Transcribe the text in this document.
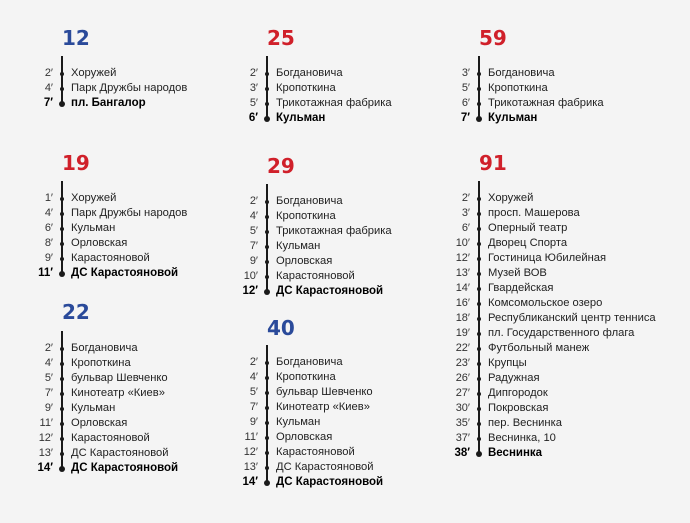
12
2′ Хоружей
4′ Парк Дружбы народов
7′ пл. Бангалор
25
2′ Богдановича
3′ Кропоткина
5′ Трикотажная фабрика
6′ Кульман
59
3′ Богдановича
5′ Кропоткина
6′ Трикотажная фабрика
7′ Кульман
19
1′ Хоружей
4′ Парк Дружбы народов
6′ Кульман
8′ Орловская
9′ Карастояновой
11′ ДС Карастояновой
29
2′ Богдановича
4′ Кропоткина
5′ Трикотажная фабрика
7′ Кульман
9′ Орловская
10′ Карастояновой
12′ ДС Карастояновой
91
2′ Хоружей
3′ просп. Машерова
6′ Оперный театр
10′ Дворец Спорта
12′ Гостиница Юбилейная
13′ Музей ВОВ
14′ Гвардейская
16′ Комсомольское озеро
18′ Республиканский центр тенниса
19′ пл. Государственного флага
22′ Футбольный манеж
23′ Крупцы
26′ Радужная
27′ Дипгородок
30′ Покровская
35′ пер. Веснинка
37′ Веснинка, 10
38′ Веснинка
22
2′ Богдановича
4′ Кропоткина
5′ бульвар Шевченко
7′ Кинотеатр «Киев»
9′ Кульман
11′ Орловская
12′ Карастояновой
13′ ДС Карастояновой
14′ ДС Карастояновой
40
2′ Богдановича
4′ Кропоткина
5′ бульвар Шевченко
7′ Кинотеатр «Киев»
9′ Кульман
11′ Орловская
12′ Карастояновой
13′ ДС Карастояновой
14′ ДС Карастояновой
